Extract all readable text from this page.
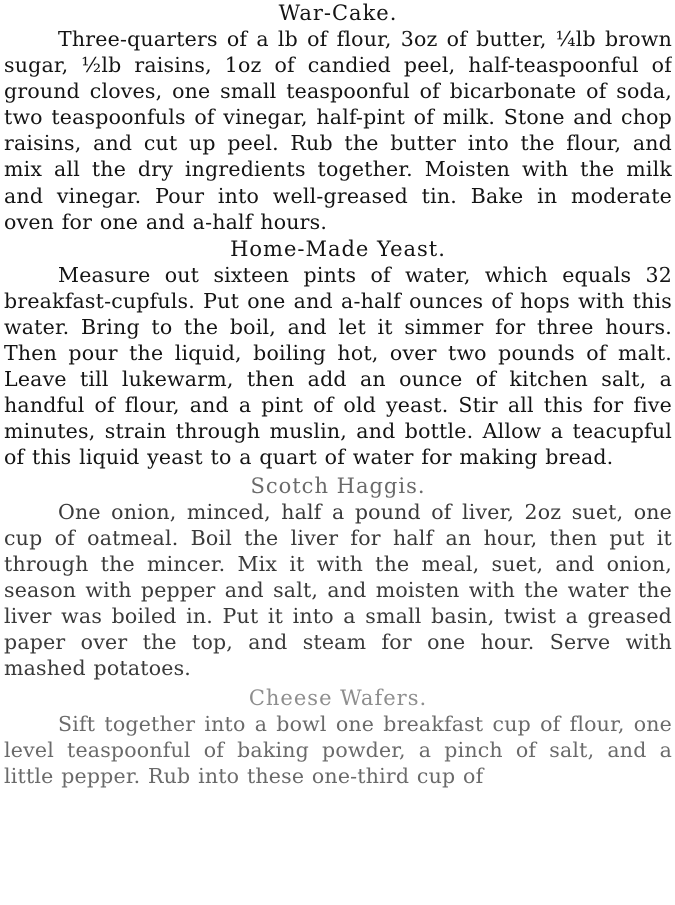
War-Cake.

Three-quarters of a lb of flour, 3oz of butter, ¼lb brown sugar, ½lb raisins, 1oz of candied peel, half-teaspoonful of ground cloves, one small teaspoonful of bicarbonate of soda, two teaspoonfuls of vinegar, half-pint of milk. Stone and chop raisins, and cut up peel. Rub the butter into the flour, and mix all the dry ingredients together. Moisten with the milk and vinegar. Pour into well-greased tin. Bake in moderate oven for one and a-half hours.

Home-Made Yeast.

Measure out sixteen pints of water, which equals 32 breakfast-cupfuls. Put one and a-half ounces of hops with this water. Bring to the boil, and let it simmer for three hours. Then pour the liquid, boiling hot, over two pounds of malt. Leave till lukewarm, then add an ounce of kitchen salt, a handful of flour, and a pint of old yeast. Stir all this for five minutes, strain through muslin, and bottle. Allow a teacupful of this liquid yeast to a quart of water for making bread.

Scotch Haggis.

One onion, minced, half a pound of liver, 2oz suet, one cup of oatmeal. Boil the liver for half an hour, then put it through the mincer. Mix it with the meal, suet, and onion, season with pepper and salt, and moisten with the water the liver was boiled in. Put it into a small basin, twist a greased paper over the top, and steam for one hour. Serve with mashed potatoes.

Cheese Wafers.

Sift together into a bowl one breakfast cup of flour, one level teaspoonful of baking powder, a pinch of salt, and a little pepper. Rub into these one-third cup of
